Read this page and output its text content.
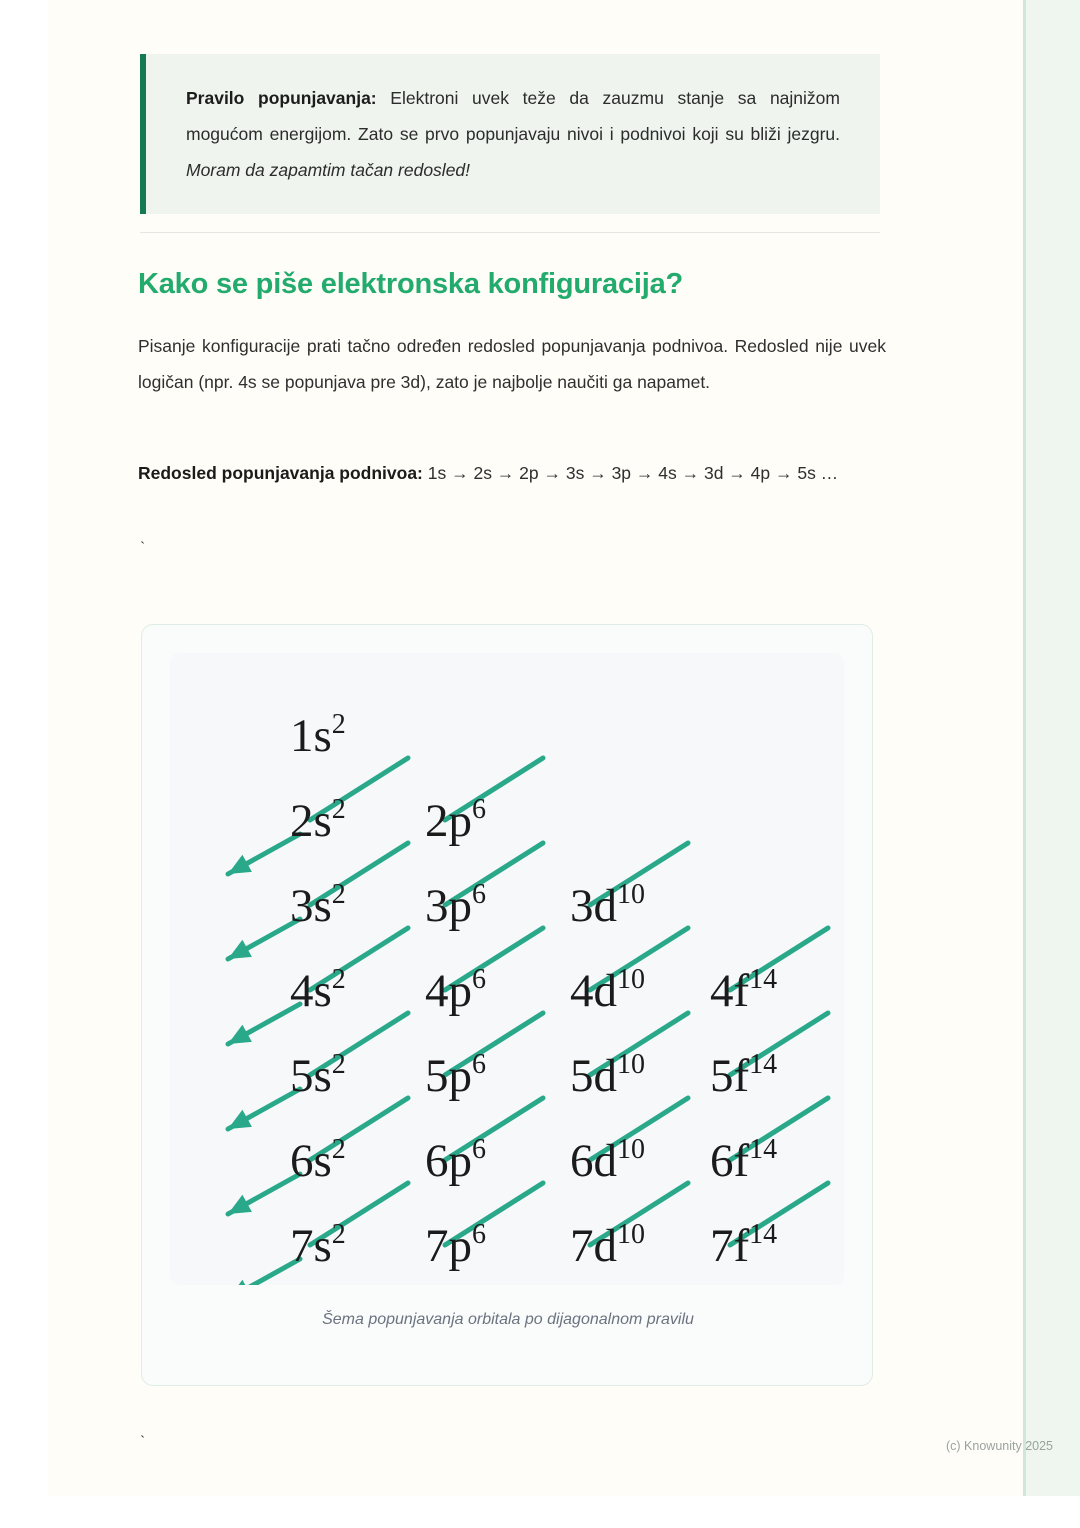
Pravilo popunjavanja: Elektroni uvek teže da zauzmu stanje sa najnižom mogućom energijom. Zato se prvo popunjavaju nivoi i podnivoi koji su bliži jezgru. Moram da zapamtim tačan redosled!

Kako se piše elektronska konfiguracija?

Pisanje konfiguracije prati tačno određen redosled popunjavanja podnivoa. Redosled nije uvek logičan (npr. 4s se popunjava pre 3d), zato je najbolje naučiti ga napamet.

Redosled popunjavanja podnivoa: 1s → 2s → 2p → 3s → 3p → 4s → 3d → 4p → 5s …

`
`
$1s^2$
$2s^2$ $2p^6$
$3s^2$ $3p^6$ $3d^{10}$
$4s^2$ $4p^6$ $4d^{10}$ $4f^{14}$
$5s^2$ $5p^6$ $5d^{10}$ $5f^{14}$
$6s^2$ $6p^6$ $6d^{10}$ $6f^{14}$
$7s^2$ $7p^6$ $7d^{10}$ $7f^{14}$
Šema popunjavanja orbitala po dijagonalnom pravilu
(c) Knowunity 2025
